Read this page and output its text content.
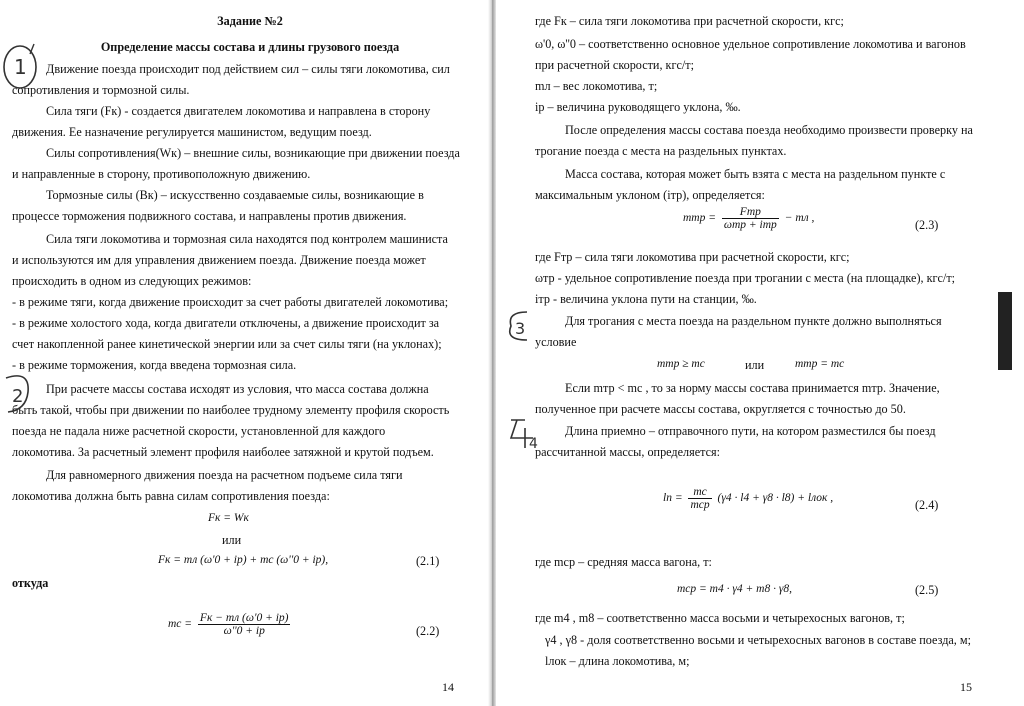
Задание №2
Определение массы состава и длины грузового поезда
Движение поезда происходит под действием сил – силы тяги локомотива, сил
сопротивления и тормозной силы.
Сила тяги (Fк) - создается двигателем локомотива и направлена в сторону
движения. Ее назначение регулируется машинистом, ведущим поезд.
Силы сопротивления(Wк) – внешние силы, возникающие при движении поезда
и направленные в сторону, противоположную движению.
Тормозные силы (Bк) – искусственно создаваемые силы, возникающие в
процессе торможения подвижного состава, и направлены против движения.
Сила тяги локомотива и тормозная сила находятся под контролем машиниста
и используются им для управления движением поезда. Движение поезда может
происходить в одном из следующих режимов:
- в режиме тяги, когда движение происходит за счет работы двигателей локомотива;
- в режиме холостого хода, когда двигатели отключены, а движение происходит за
счет накопленной ранее кинетической энергии или за счет силы тяги (на уклонах);
- в режиме торможения, когда введена тормозная сила.
При расчете массы состава исходят из условия, что масса состава должна
быть такой, чтобы при движении по наиболее трудному элементу профиля скорость
поезда не падала ниже расчетной скорости, установленной для каждого
локомотива. За расчетный элемент профиля наиболее затяжной и крутой подъем.
Для равномерного движения поезда на расчетном подъеме сила тяги
локомотива должна быть равна силам сопротивления поезда:
Fк = Wк
или
Fк = mл (ω'0 + iр) + mс (ω''0 + iр),	(2.1)
откуда
mс = $\frac{Fк - mл (\omega'0 + iр)}{\omega''0 + iр}$	(2.2)
14
1
2
где Fк – сила тяги локомотива при расчетной скорости, кгс;
ω'0, ω''0 – соответственно основное удельное сопротивление локомотива и вагонов
при расчетной скорости, кгс/т;
mл – вес локомотива, т;
iр – величина руководящего уклона, ‰.
После определения массы состава поезда необходимо произвести проверку на
трогание поезда с места на раздельных пунктах.
Масса состава, которая может быть взята с места на раздельном пункте с
максимальным уклоном (iтр), определяется:
mтр = $\frac{\text{Fтр}}{\text{ωтр + iтр}}$ − mл ,	(2.3)
где Fтр – сила тяги локомотива при расчетной скорости, кгс;
ωтр - удельное сопротивление поезда при трогании с места (на площадке), кгс/т;
iтр - величина уклона пути на станции, ‰.
Для трогания с места поезда на раздельном пункте должно выполняться
условие
mтр ≥ mс	или	mтр = mс
Если mтр < mс , то за норму массы состава принимается mтр. Значение,
полученное при расчете массы состава, округляется с точностью до 50.
Длина приемно – отправочного пути, на котором разместился бы поезд
рассчитанной массы, определяется:
lп = $\frac{mс}{\text{mср}} (\gamma 4 \cdot l4 + \gamma 8 \cdot l8)$ + lлок ,	(2.4)
где mср – средняя масса вагона, т:
mср = m4 · γ4 + m8 · γ8,	(2.5)
где m4 , m8 – соответственно масса восьми и четырехосных вагонов, т;
γ4 , γ8 - доля соответственно восьми и четырехосных вагонов в составе поезда, м;
lлок – длина локомотива, м;
15
3
4
